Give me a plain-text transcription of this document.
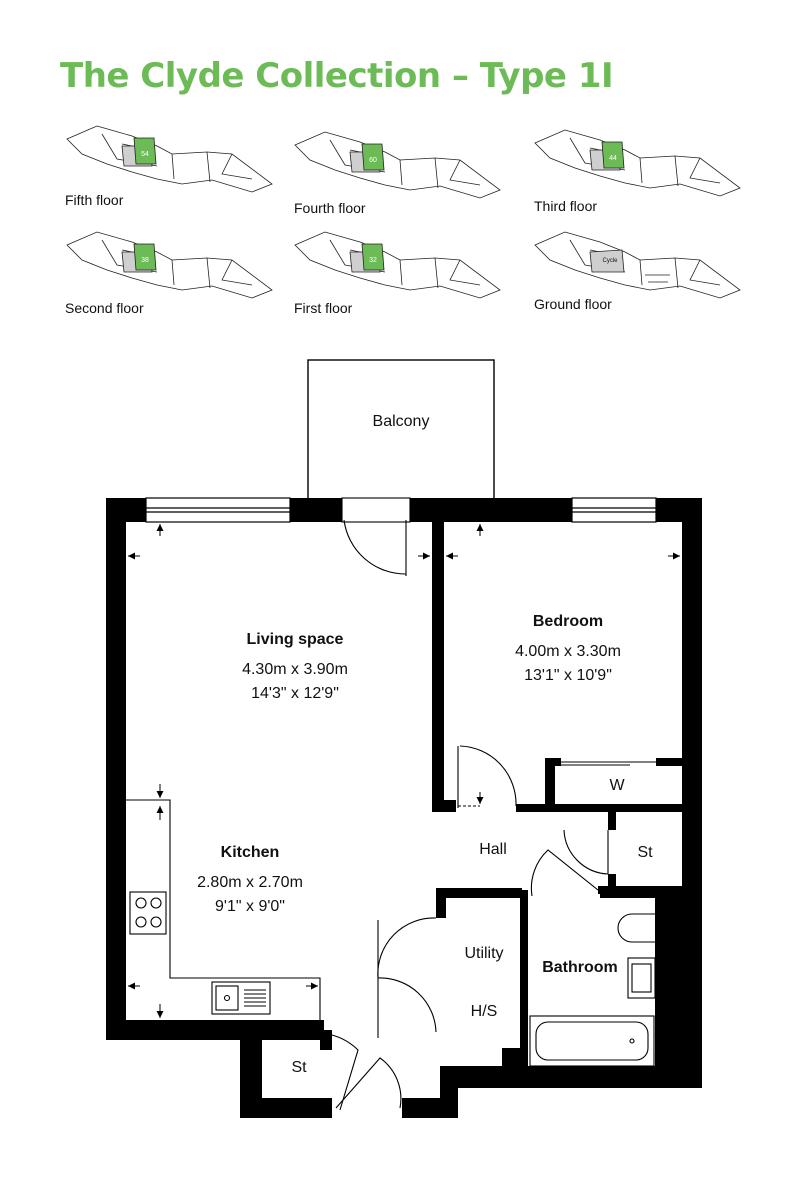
The Clyde Collection – Type 1I
54
Fifth floor
60
Fourth floor
44
Third floor
38
Second floor
32
First floor
Cycle
Ground floor
Balcony
Living space
4.30m x 3.90m
14'3" x 12'9"
Bedroom
4.00m x 3.30m
13'1" x 10'9"
Kitchen
2.80m x 2.70m
9'1" x 9'0"
Hall
Utility
H/S
Bathroom
W
St
St
